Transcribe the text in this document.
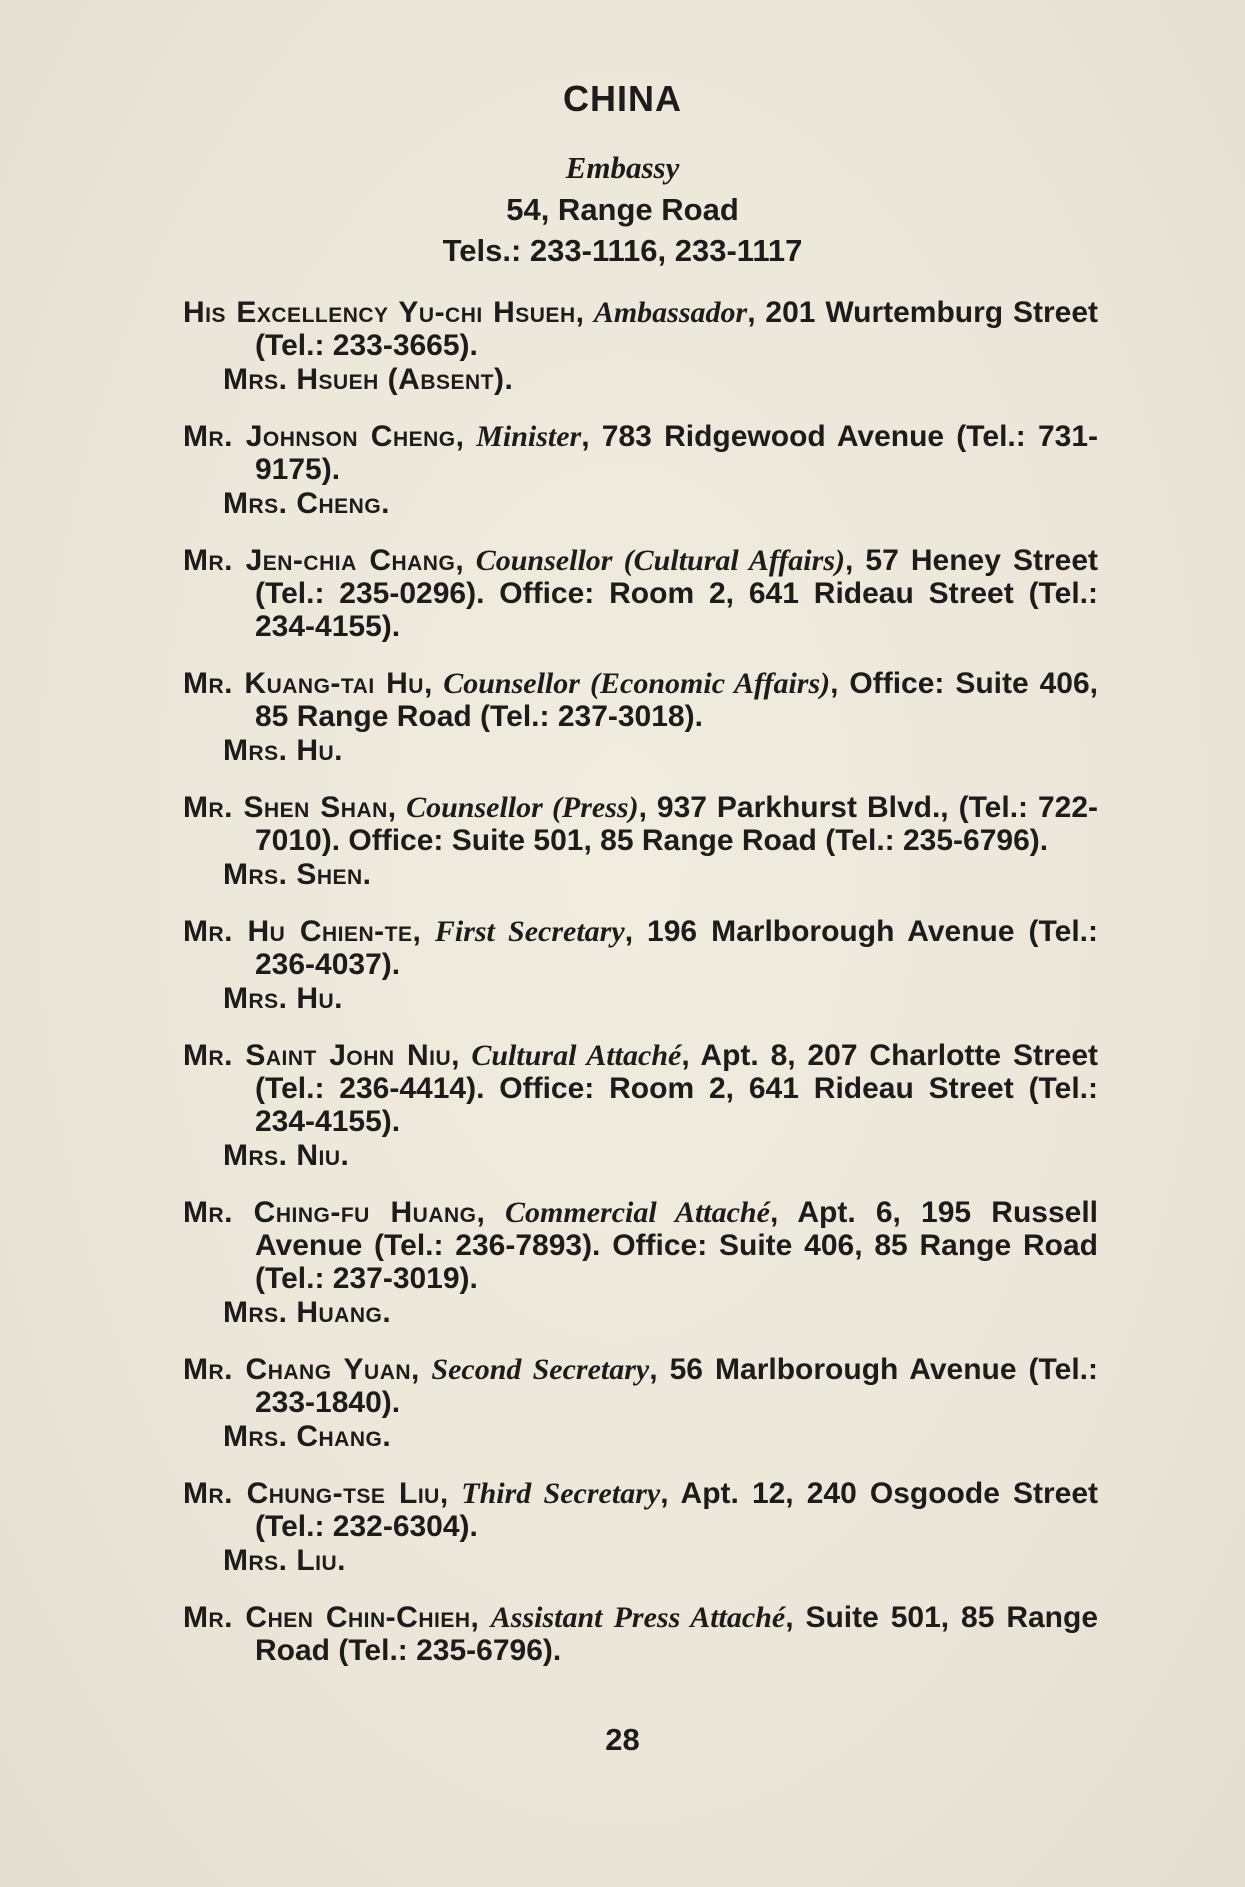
CHINA
Embassy
54, Range Road
Tels.: 233-1116, 233-1117

His Excellency Yu-chi Hsueh, Ambassador, 201 Wurtemburg Street (Tel.: 233-3665).

Mrs. Hsueh (Absent).

Mr. Johnson Cheng, Minister, 783 Ridgewood Avenue (Tel.: 731-9175).

Mrs. Cheng.

Mr. Jen-chia Chang, Counsellor (Cultural Affairs), 57 Heney Street (Tel.: 235-0296). Office: Room 2, 641 Rideau Street (Tel.: 234-4155).

Mr. Kuang-tai Hu, Counsellor (Economic Affairs), Office: Suite 406, 85 Range Road (Tel.: 237-3018).

Mrs. Hu.

Mr. Shen Shan, Counsellor (Press), 937 Parkhurst Blvd., (Tel.: 722-7010). Office: Suite 501, 85 Range Road (Tel.: 235-6796).

Mrs. Shen.

Mr. Hu Chien-te, First Secretary, 196 Marlborough Avenue (Tel.: 236-4037).

Mrs. Hu.

Mr. Saint John Niu, Cultural Attaché, Apt. 8, 207 Charlotte Street (Tel.: 236-4414). Office: Room 2, 641 Rideau Street (Tel.: 234-4155).

Mrs. Niu.

Mr. Ching-fu Huang, Commercial Attaché, Apt. 6, 195 Russell Avenue (Tel.: 236-7893). Office: Suite 406, 85 Range Road (Tel.: 237-3019).

Mrs. Huang.

Mr. Chang Yuan, Second Secretary, 56 Marlborough Avenue (Tel.: 233-1840).

Mrs. Chang.

Mr. Chung-tse Liu, Third Secretary, Apt. 12, 240 Osgoode Street (Tel.: 232-6304).

Mrs. Liu.

Mr. Chen Chin-Chieh, Assistant Press Attaché, Suite 501, 85 Range Road (Tel.: 235-6796).

28
